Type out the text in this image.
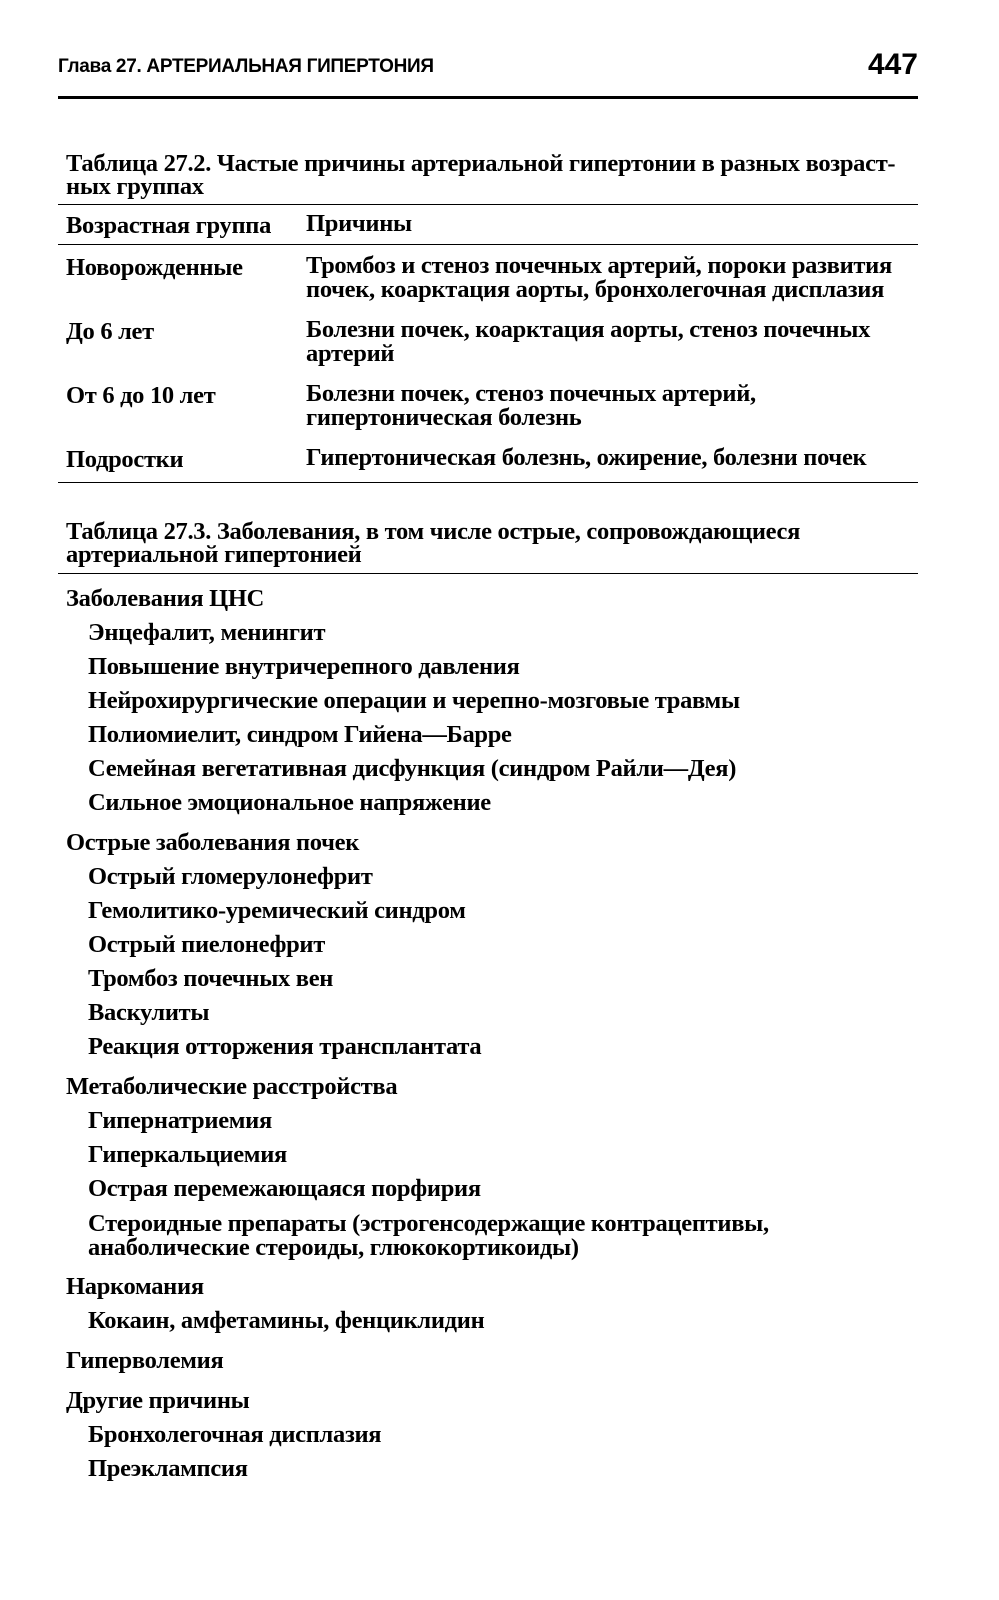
Глава 27. АРТЕРИАЛЬНАЯ ГИПЕРТОНИЯ	447
Таблица 27.2. Частые причины артериальной гипертонии в разных возраст-ных группах
Возрастная группа	Причины
Новорожденные	Тромбоз и стеноз почечных артерий, пороки развития почек, коарктация аорты, бронхолегочная дисплазия
До 6 лет	Болезни почек, коарктация аорты, стеноз почечных артерий
От 6 до 10 лет	Болезни почек, стеноз почечных артерий, гипертоническая болезнь
Подростки	Гипертоническая болезнь, ожирение, болезни почек
Таблица 27.3. Заболевания, в том числе острые, сопровождающиеся артериальной гипертонией
Заболевания ЦНС
Энцефалит, менингит
Повышение внутричерепного давления
Нейрохирургические операции и черепно-мозговые травмы
Полиомиелит, синдром Гийена—Барре
Семейная вегетативная дисфункция (синдром Райли—Дея)
Сильное эмоциональное напряжение
Острые заболевания почек
Острый гломерулонефрит
Гемолитико-уремический синдром
Острый пиелонефрит
Тромбоз почечных вен
Васкулиты
Реакция отторжения трансплантата
Метаболические расстройства
Гипернатриемия
Гиперкальциемия
Острая перемежающаяся порфирия
Стероидные препараты (эстрогенсодержащие контрацептивы, анаболические стероиды, глюкокортикоиды)
Наркомания
Кокаин, амфетамины, фенциклидин
Гиперволемия
Другие причины
Бронхолегочная дисплазия
Преэклампсия
